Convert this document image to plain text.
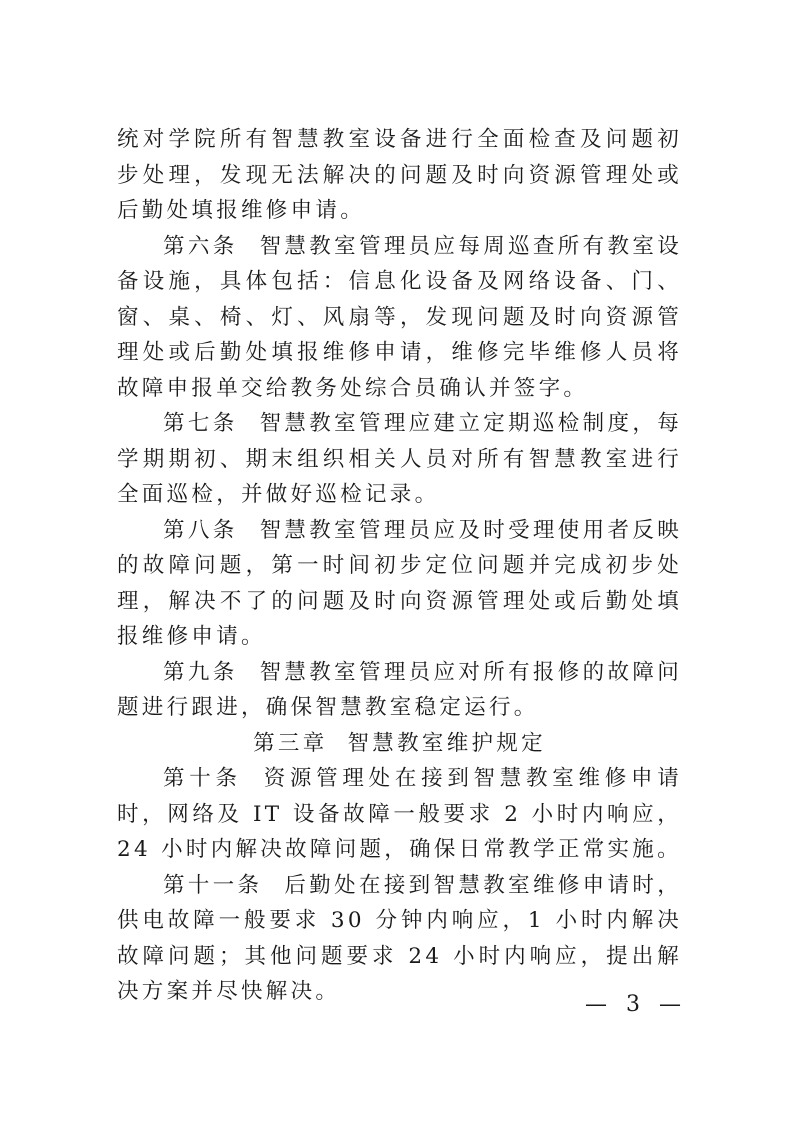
统对学院所有智慧教室设备进行全面检查及问题初步处理，发现无法解决的问题及时向资源管理处或后勤处填报维修申请。

第六条 智慧教室管理员应每周巡查所有教室设备设施，具体包括：信息化设备及网络设备、门、窗、桌、椅、灯、风扇等，发现问题及时向资源管理处或后勤处填报维修申请，维修完毕维修人员将故障申报单交给教务处综合员确认并签字。

第七条 智慧教室管理应建立定期巡检制度，每学期期初、期末组织相关人员对所有智慧教室进行全面巡检，并做好巡检记录。

第八条 智慧教室管理员应及时受理使用者反映的故障问题，第一时间初步定位问题并完成初步处理，解决不了的问题及时向资源管理处或后勤处填报维修申请。

第九条 智慧教室管理员应对所有报修的故障问题进行跟进，确保智慧教室稳定运行。

第三章 智慧教室维护规定

第十条 资源管理处在接到智慧教室维修申请时，网络及 IT 设备故障一般要求 2 小时内响应，24 小时内解决故障问题，确保日常教学正常实施。

第十一条 后勤处在接到智慧教室维修申请时，供电故障一般要求 30 分钟内响应，1 小时内解决故障问题；其他问题要求 24 小时内响应，提出解决方案并尽快解决。

— 3 —
